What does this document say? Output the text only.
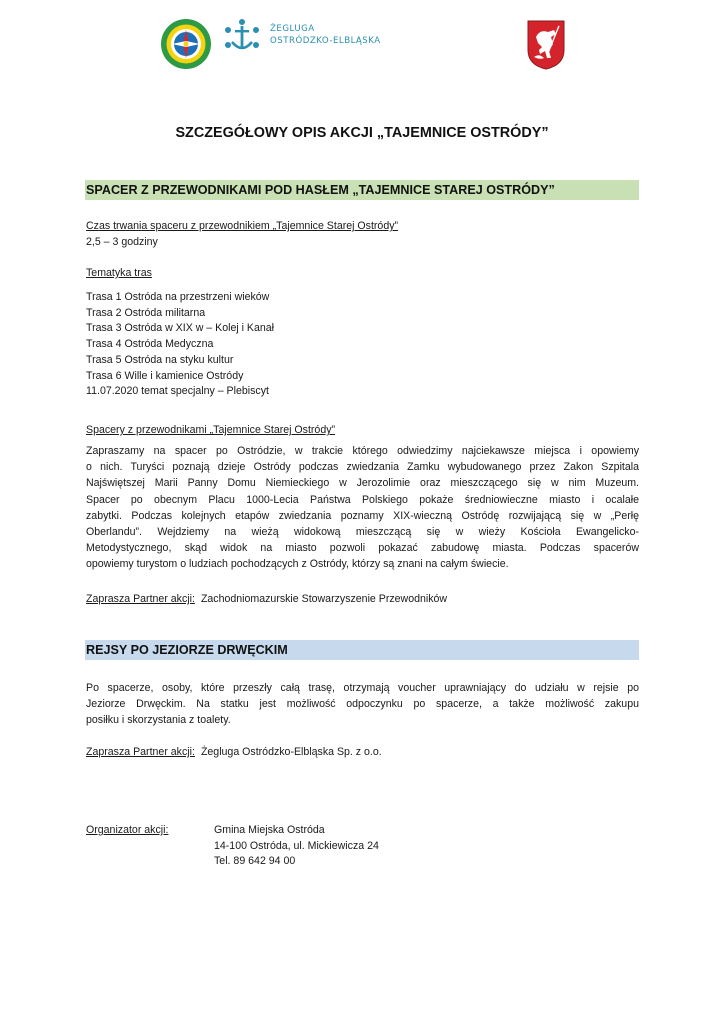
ŻEGLUGA
OSTRÓDZKO-ELBLĄSKA
SZCZEGÓŁOWY OPIS AKCJI „TAJEMNICE OSTRÓDY”
SPACER Z PRZEWODNIKAMI POD HASŁEM „TAJEMNICE STAREJ OSTRÓDY”
Czas trwania spaceru z przewodnikiem „Tajemnice Starej Ostródy”
2,5 – 3 godziny
Tematyka tras
Trasa 1 Ostróda na przestrzeni wieków
Trasa 2 Ostróda militarna
Trasa 3 Ostróda w XIX w – Kolej i Kanał
Trasa 4 Ostróda Medyczna
Trasa 5 Ostróda na styku kultur
Trasa 6 Wille i kamienice Ostródy
11.07.2020 temat specjalny – Plebiscyt
Spacery z przewodnikami „Tajemnice Starej Ostródy”
Zapraszamy na spacer po Ostródzie, w trakcie którego odwiedzimy najciekawsze miejsca i opowiemy
o nich. Turyści poznają dzieje Ostródy podczas zwiedzania Zamku wybudowanego przez Zakon Szpitala
Najświętszej Marii Panny Domu Niemieckiego w Jerozolimie oraz mieszczącego się w nim Muzeum.
Spacer po obecnym Placu 1000-Lecia Państwa Polskiego pokaże średniowieczne miasto i ocalałe
zabytki. Podczas kolejnych etapów zwiedzania poznamy XIX-wieczną Ostródę rozwijającą się w „Perłę
Oberlandu”. Wejdziemy na wieżą widokową mieszczącą się w wieży Kościoła Ewangelicko-
Metodystycznego, skąd widok na miasto pozwoli pokazać zabudowę miasta. Podczas spacerów
opowiemy turystom o ludziach pochodzących z Ostródy, którzy są znani na całym świecie.
Zaprasza Partner akcji: Zachodniomazurskie Stowarzyszenie Przewodników
REJSY PO JEZIORZE DRWĘCKIM
Po spacerze, osoby, które przeszły całą trasę, otrzymają voucher uprawniający do udziału w rejsie po
Jeziorze Drwęckim. Na statku jest możliwość odpoczynku po spacerze, a także możliwość zakupu
posiłku i skorzystania z toalety.
Zaprasza Partner akcji: Żegluga Ostródzko-Elbląska Sp. z o.o.
Organizator akcji:	Gmina Miejska Ostróda
14-100 Ostróda, ul. Mickiewicza 24
Tel. 89 642 94 00
